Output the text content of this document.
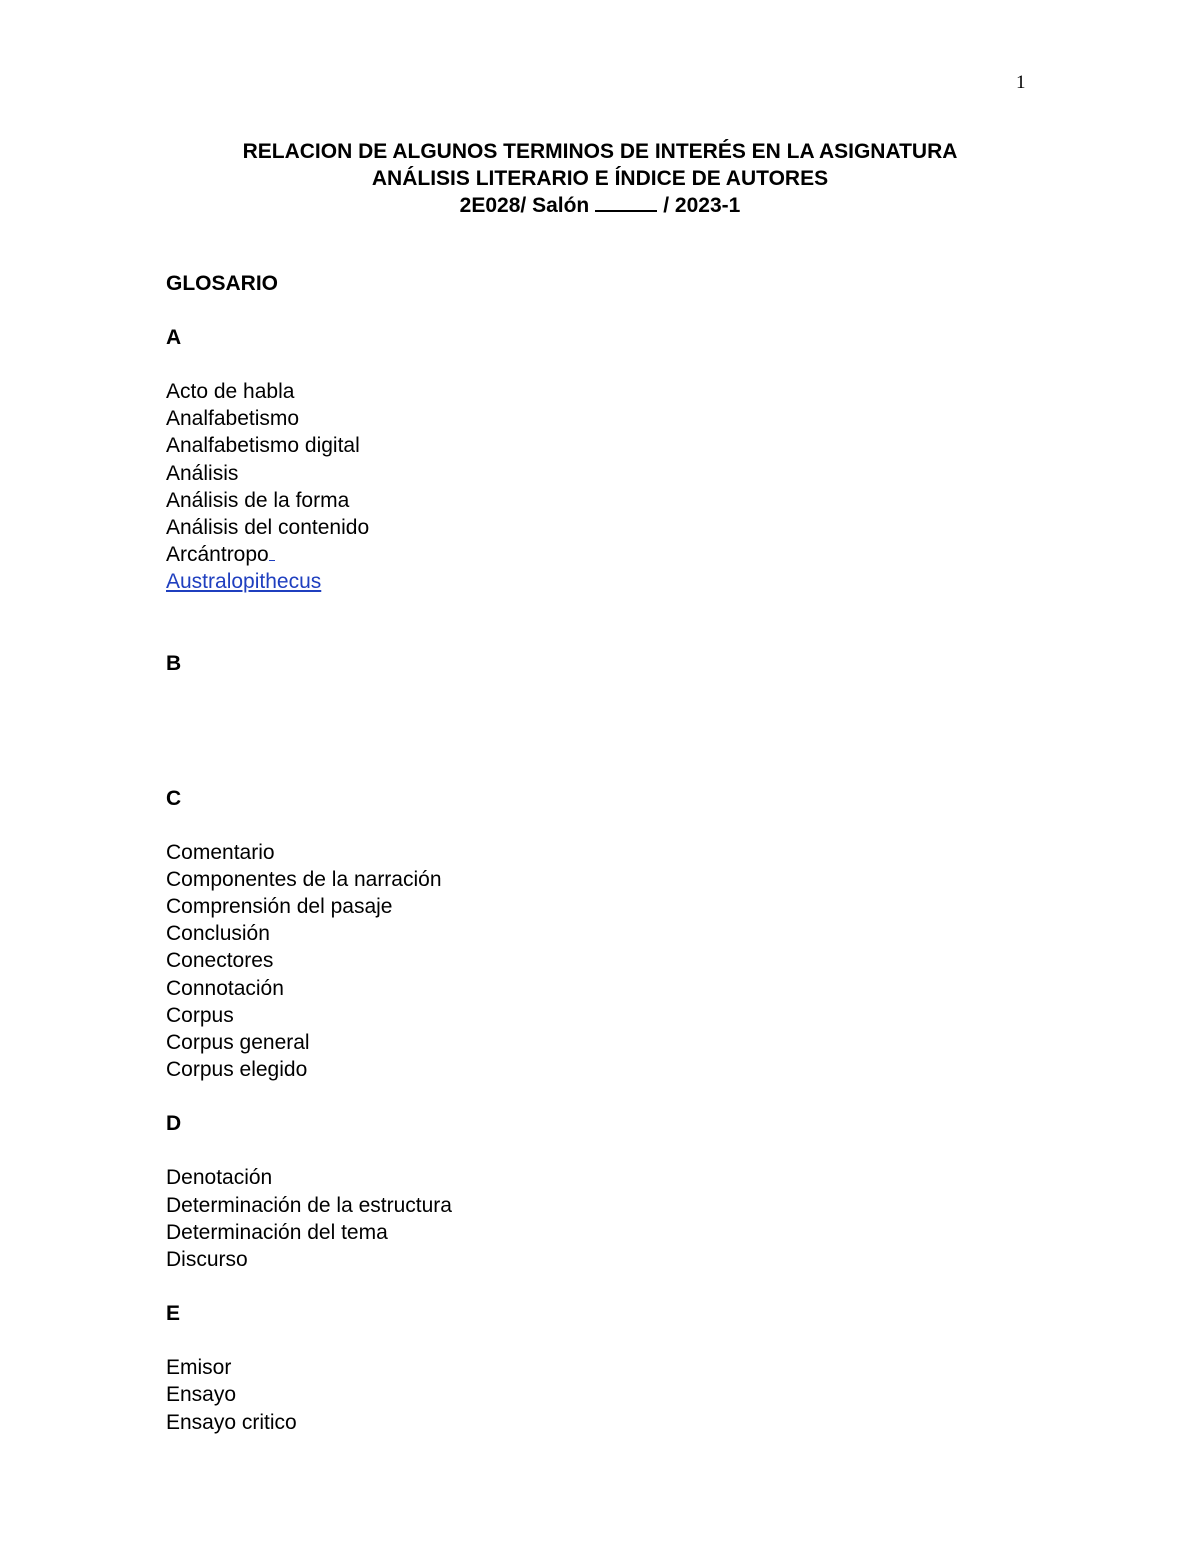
1
RELACION DE ALGUNOS TERMINOS DE INTERÉS EN LA ASIGNATURA
ANÁLISIS LITERARIO E ÍNDICE DE AUTORES
2E028/ Salón	/ 2023-1
GLOSARIO
A
Acto de habla
Analfabetismo
Analfabetismo digital
Análisis
Análisis de la forma
Análisis del contenido
Arcántropo
Australopithecus
B
C
Comentario
Componentes de la narración
Comprensión del pasaje
Conclusión
Conectores
Connotación
Corpus
Corpus general
Corpus elegido
D
Denotación
Determinación de la estructura
Determinación del tema
Discurso
E
Emisor
Ensayo
Ensayo critico
